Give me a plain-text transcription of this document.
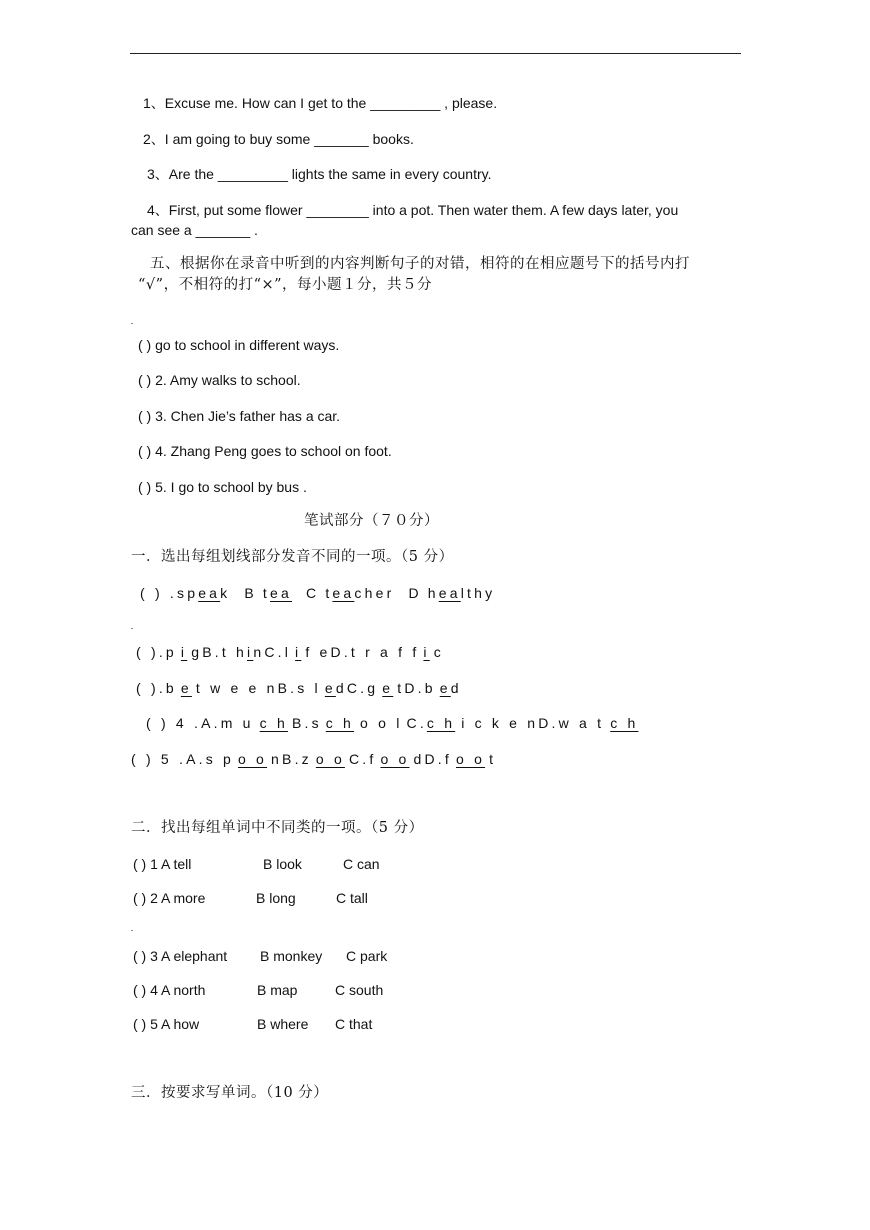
1、Excuse me. How can I get to the _________ , please.
2、I am going to buy some _______ books.
3、Are the _________ lights the same in every country.
4、First, put some flower ________ into a pot. Then water them. A few days later, you
can see a _______ .
五、根据你在录音中听到的内容判断句子的对错，相符的在相应题号下的括号内打
“√”，不相符的打“×”，每小题１分，共５分
( ) go to school in different ways.
( ) 2. Amy walks to school.
( ) 3. Chen Jie’s father has a car.
( ) 4. Zhang Peng goes to school on foot.
( ) 5. I go to school by bus .
笔试部分（７０分）
一．选出每组划线部分发音不同的一项。（5 分）
( ) .speak B tea C teacher D healthy
( ).p i gB.t hinC.l i f eD.t r a f f i c
( ).b e t w e e nB.s l edC.g e tD.b ed
( ) 4 .A.m u c h B.s c h o o l C.c h i c k e nD.w a t c h
( ) 5 .A.s p o o nB.z o o C.f o o dD.f o o t
二．找出每组单词中不同类的一项。（5 分）
( ) 1 A tell	B look	C can
( ) 2 A more	B long	C tall
( ) 3 A elephant B monkey C park
( ) 4 A north	B map	C south
( ) 5 A how	B where C that
三．按要求写单词。（10 分）
